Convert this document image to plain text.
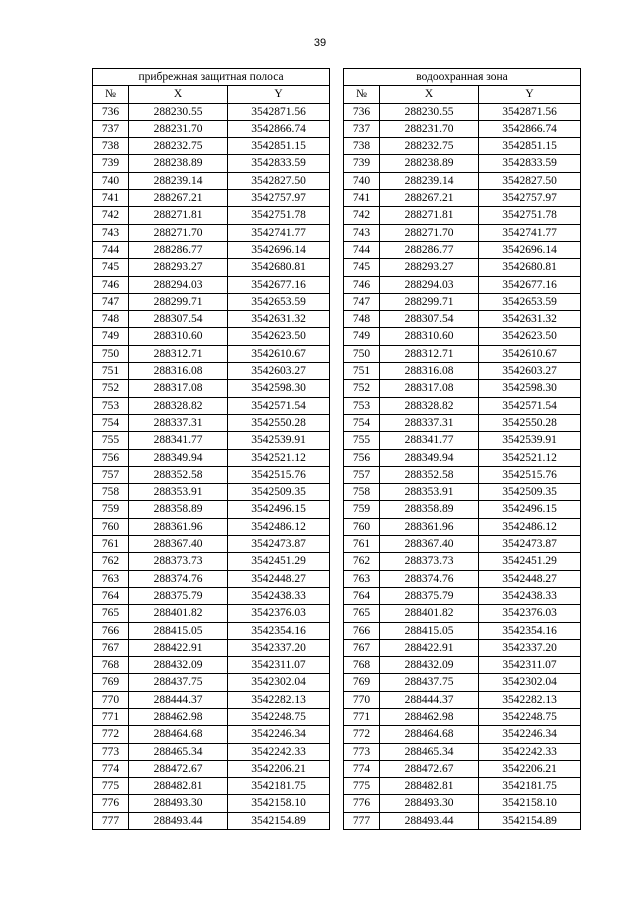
39
прибрежная защитная полоса		
№	X	Y
736	288230.55	3542871.56
737	288231.70	3542866.74
738	288232.75	3542851.15
739	288238.89	3542833.59
740	288239.14	3542827.50
741	288267.21	3542757.97
742	288271.81	3542751.78
743	288271.70	3542741.77
744	288286.77	3542696.14
745	288293.27	3542680.81
746	288294.03	3542677.16
747	288299.71	3542653.59
748	288307.54	3542631.32
749	288310.60	3542623.50
750	288312.71	3542610.67
751	288316.08	3542603.27
752	288317.08	3542598.30
753	288328.82	3542571.54
754	288337.31	3542550.28
755	288341.77	3542539.91
756	288349.94	3542521.12
757	288352.58	3542515.76
758	288353.91	3542509.35
759	288358.89	3542496.15
760	288361.96	3542486.12
761	288367.40	3542473.87
762	288373.73	3542451.29
763	288374.76	3542448.27
764	288375.79	3542438.33
765	288401.82	3542376.03
766	288415.05	3542354.16
767	288422.91	3542337.20
768	288432.09	3542311.07
769	288437.75	3542302.04
770	288444.37	3542282.13
771	288462.98	3542248.75
772	288464.68	3542246.34
773	288465.34	3542242.33
774	288472.67	3542206.21
775	288482.81	3542181.75
776	288493.30	3542158.10
777	288493.44	3542154.89
водоохранная зона		
№	X	Y
736	288230.55	3542871.56
737	288231.70	3542866.74
738	288232.75	3542851.15
739	288238.89	3542833.59
740	288239.14	3542827.50
741	288267.21	3542757.97
742	288271.81	3542751.78
743	288271.70	3542741.77
744	288286.77	3542696.14
745	288293.27	3542680.81
746	288294.03	3542677.16
747	288299.71	3542653.59
748	288307.54	3542631.32
749	288310.60	3542623.50
750	288312.71	3542610.67
751	288316.08	3542603.27
752	288317.08	3542598.30
753	288328.82	3542571.54
754	288337.31	3542550.28
755	288341.77	3542539.91
756	288349.94	3542521.12
757	288352.58	3542515.76
758	288353.91	3542509.35
759	288358.89	3542496.15
760	288361.96	3542486.12
761	288367.40	3542473.87
762	288373.73	3542451.29
763	288374.76	3542448.27
764	288375.79	3542438.33
765	288401.82	3542376.03
766	288415.05	3542354.16
767	288422.91	3542337.20
768	288432.09	3542311.07
769	288437.75	3542302.04
770	288444.37	3542282.13
771	288462.98	3542248.75
772	288464.68	3542246.34
773	288465.34	3542242.33
774	288472.67	3542206.21
775	288482.81	3542181.75
776	288493.30	3542158.10
777	288493.44	3542154.89
